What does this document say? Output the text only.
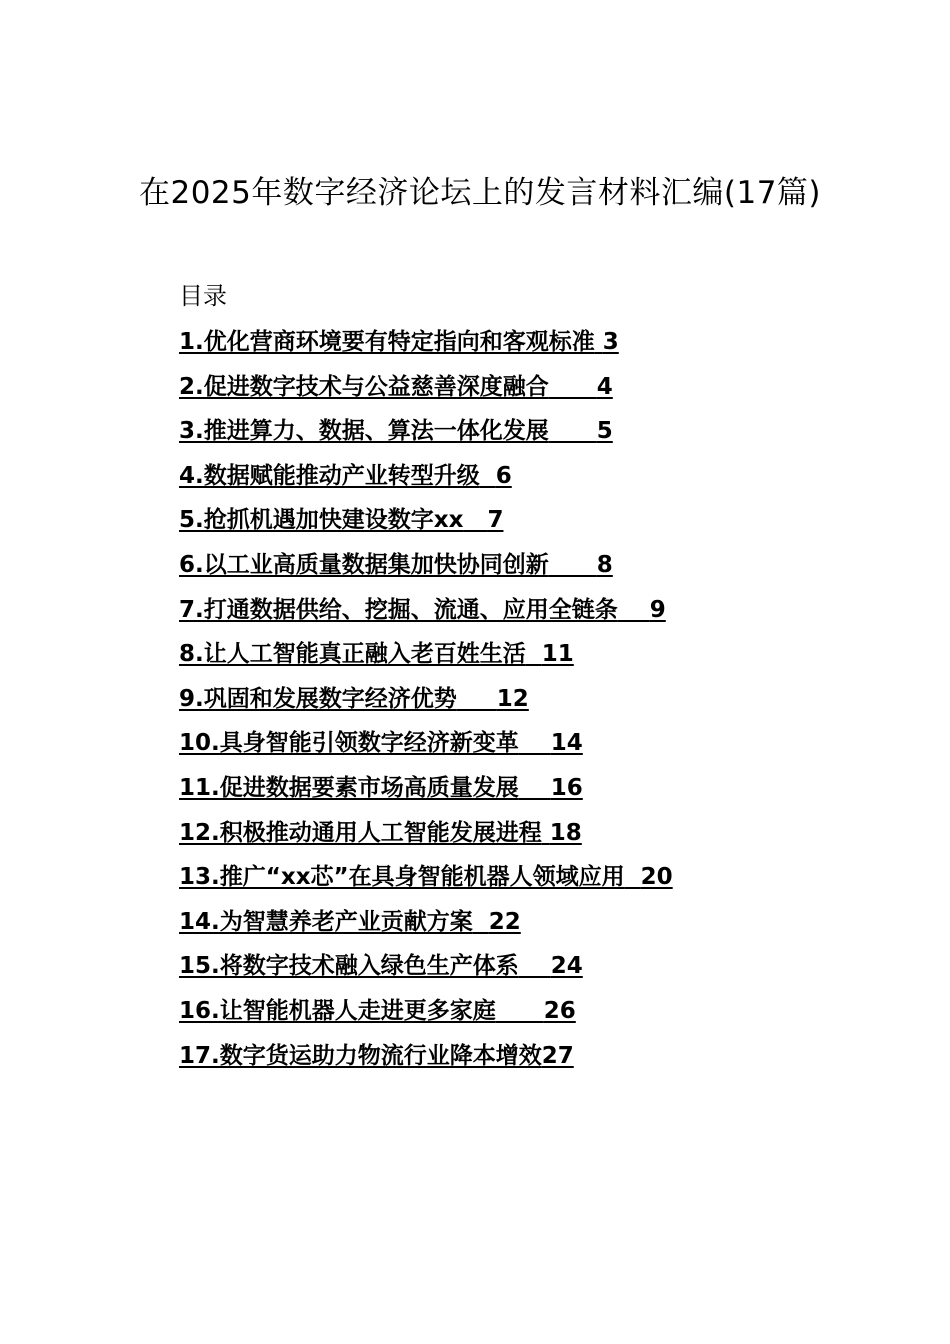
在2025年数字经济论坛上的发言材料汇编(17篇)
目录
1.优化营商环境要有特定指向和客观标准 3
2.促进数字技术与公益慈善深度融合 4
3.推进算力、数据、算法一体化发展 5
4.数据赋能推动产业转型升级 6
5.抢抓机遇加快建设数字xx 7
6.以工业高质量数据集加快协同创新 8
7.打通数据供给、挖掘、流通、应用全链条 9
8.让人工智能真正融入老百姓生活 11
9.巩固和发展数字经济优势 12
10.具身智能引领数字经济新变革 14
11.促进数据要素市场高质量发展 16
12.积极推动通用人工智能发展进程 18
13.推广“xx芯”在具身智能机器人领域应用 20
14.为智慧养老产业贡献方案 22
15.将数字技术融入绿色生产体系 24
16.让智能机器人走进更多家庭 26
17.数字货运助力物流行业降本增效27
